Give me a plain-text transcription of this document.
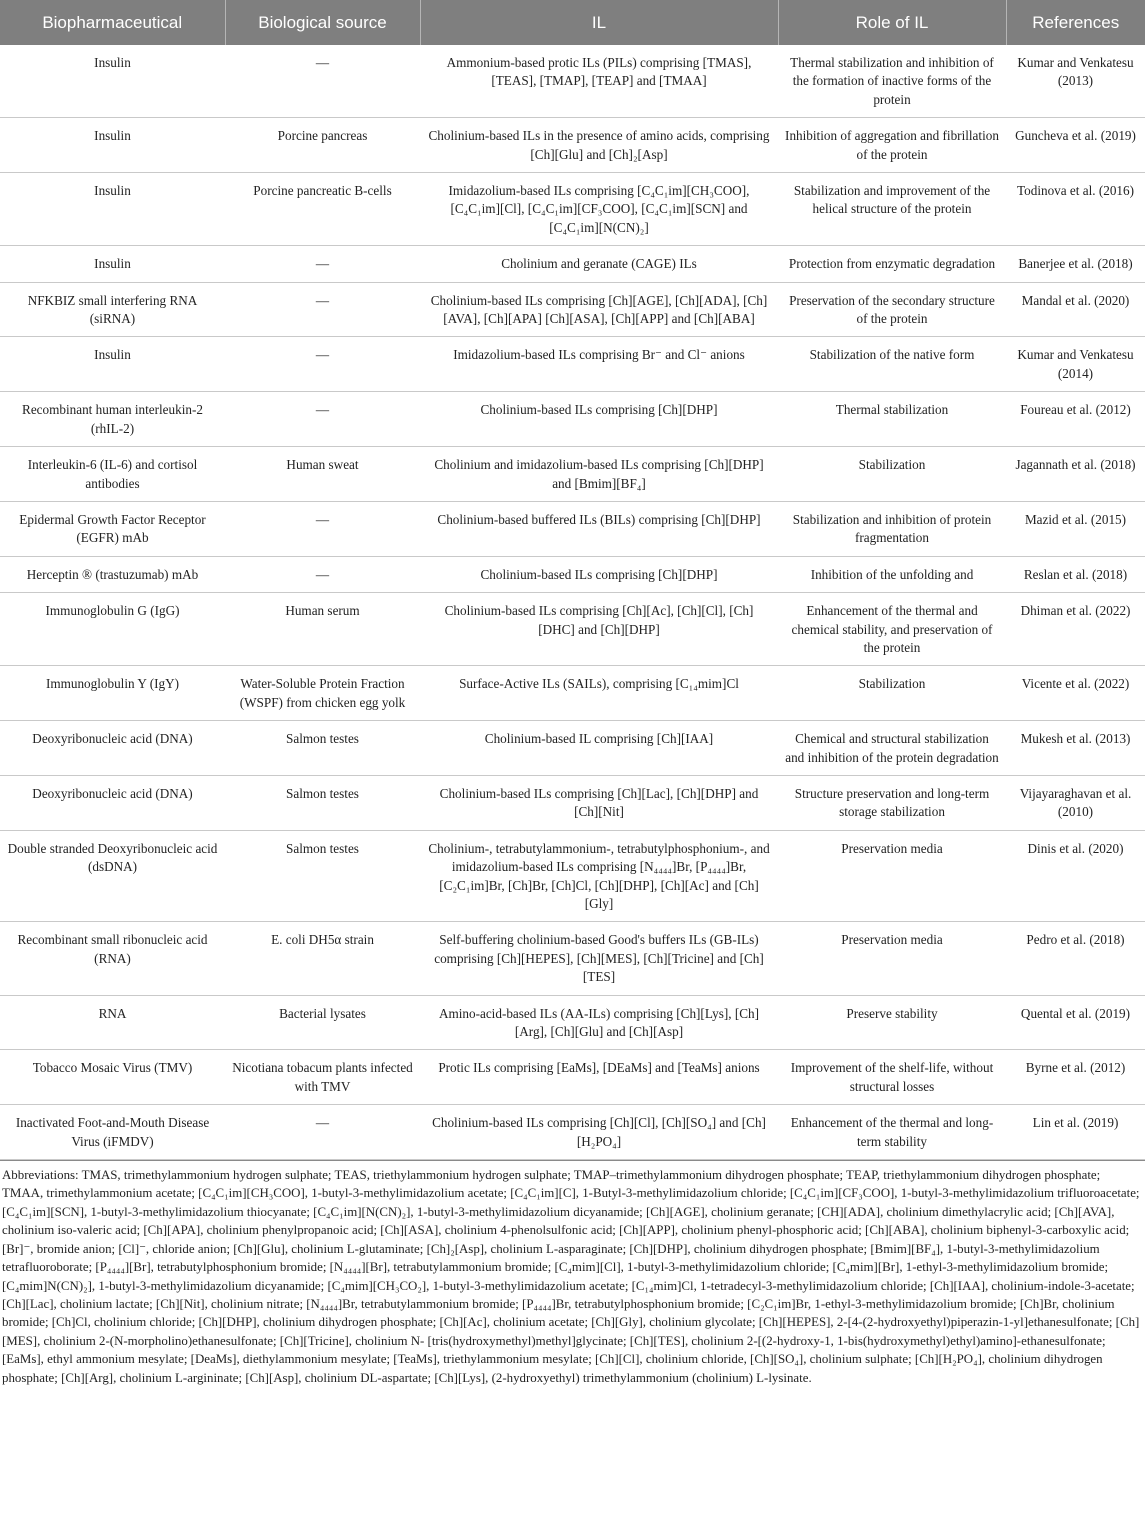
Biopharmaceutical	Biological source	IL	Role of IL	References
Insulin	—	Ammonium-based protic ILs (PILs) comprising [TMAS], [TEAS], [TMAP], [TEAP] and [TMAA]	Thermal stabilization and inhibition of the formation of inactive forms of the protein	Kumar and Venkatesu (2013)
Insulin	Porcine pancreas	Cholinium-based ILs in the presence of amino acids, comprising [Ch][Glu] and [Ch]₂[Asp]	Inhibition of aggregation and fibrillation of the protein	Guncheva et al. (2019)
Insulin	Porcine pancreatic B-cells	Imidazolium-based ILs comprising [C₄C₁im][CH₃COO], [C₄C₁im][Cl], [C₄C₁im][CF₃COO], [C₄C₁im][SCN] and [C₄C₁im][N(CN)₂]	Stabilization and improvement of the helical structure of the protein	Todinova et al. (2016)
Insulin	—	Cholinium and geranate (CAGE) ILs	Protection from enzymatic degradation	Banerjee et al. (2018)
NFKBIZ small interfering RNA (siRNA)	—	Cholinium-based ILs comprising [Ch][AGE], [Ch][ADA], [Ch][AVA], [Ch][APA] [Ch][ASA], [Ch][APP] and [Ch][ABA]	Preservation of the secondary structure of the protein	Mandal et al. (2020)
Insulin	—	Imidazolium-based ILs comprising Br⁻ and Cl⁻ anions	Stabilization of the native form	Kumar and Venkatesu (2014)
Recombinant human interleukin-2 (rhIL-2)	—	Cholinium-based ILs comprising [Ch][DHP]	Thermal stabilization	Foureau et al. (2012)
Interleukin-6 (IL-6) and cortisol antibodies	Human sweat	Cholinium and imidazolium-based ILs comprising [Ch][DHP] and [Bmim][BF₄]	Stabilization	Jagannath et al. (2018)
Epidermal Growth Factor Receptor (EGFR) mAb	—	Cholinium-based buffered ILs (BILs) comprising [Ch][DHP]	Stabilization and inhibition of protein fragmentation	Mazid et al. (2015)
Herceptin ® (trastuzumab) mAb	—	Cholinium-based ILs comprising [Ch][DHP]	Inhibition of the unfolding and	Reslan et al. (2018)
Immunoglobulin G (IgG)	Human serum	Cholinium-based ILs comprising [Ch][Ac], [Ch][Cl], [Ch][DHC] and [Ch][DHP]	Enhancement of the thermal and chemical stability, and preservation of the protein	Dhiman et al. (2022)
Immunoglobulin Y (IgY)	Water-Soluble Protein Fraction (WSPF) from chicken egg yolk	Surface-Active ILs (SAILs), comprising [C₁₄mim]Cl	Stabilization	Vicente et al. (2022)
Deoxyribonucleic acid (DNA)	Salmon testes	Cholinium-based IL comprising [Ch][IAA]	Chemical and structural stabilization and inhibition of the protein degradation	Mukesh et al. (2013)
Deoxyribonucleic acid (DNA)	Salmon testes	Cholinium-based ILs comprising [Ch][Lac], [Ch][DHP] and [Ch][Nit]	Structure preservation and long-term storage stabilization	Vijayaraghavan et al. (2010)
Double stranded Deoxyribonucleic acid (dsDNA)	Salmon testes	Cholinium-, tetrabutylammonium-, tetrabutylphosphonium-, and imidazolium-based ILs comprising [N₄₄₄₄]Br, [P₄₄₄₄]Br, [C₂C₁im]Br, [Ch]Br, [Ch]Cl, [Ch][DHP], [Ch][Ac] and [Ch][Gly]	Preservation media	Dinis et al. (2020)
Recombinant small ribonucleic acid (RNA)	E. coli DH5α strain	Self-buffering cholinium-based Good's buffers ILs (GB-ILs) comprising [Ch][HEPES], [Ch][MES], [Ch][Tricine] and [Ch][TES]	Preservation media	Pedro et al. (2018)
RNA	Bacterial lysates	Amino-acid-based ILs (AA-ILs) comprising [Ch][Lys], [Ch][Arg], [Ch][Glu] and [Ch][Asp]	Preserve stability	Quental et al. (2019)
Tobacco Mosaic Virus (TMV)	Nicotiana tobacum plants infected with TMV	Protic ILs comprising [EaMs], [DEaMs] and [TeaMs] anions	Improvement of the shelf-life, without structural losses	Byrne et al. (2012)
Inactivated Foot-and-Mouth Disease Virus (iFMDV)	—	Cholinium-based ILs comprising [Ch][Cl], [Ch][SO₄] and [Ch][H₂PO₄]	Enhancement of the thermal and long-term stability	Lin et al. (2019)
Abbreviations: TMAS, trimethylammonium hydrogen sulphate; TEAS, triethylammonium hydrogen sulphate; TMAP–trimethylammonium dihydrogen phosphate; TEAP, triethylammonium dihydrogen phosphate; TMAA, trimethylammonium acetate; [C₄C₁im][CH₃COO], 1-butyl-3-methylimidazolium acetate; [C₄C₁im][C], 1-Butyl-3-methylimidazolium chloride; [C₄C₁im][CF₃COO], 1-butyl-3-methylimidazolium trifluoroacetate; [C₄C₁im][SCN], 1-butyl-3-methylimidazolium thiocyanate; [C₄C₁im][N(CN)₂], 1-butyl-3-methylimidazolium dicyanamide; [Ch][AGE], cholinium geranate; [CH][ADA], cholinium dimethylacrylic acid; [Ch][AVA], cholinium iso-valeric acid; [Ch][APA], cholinium phenylpropanoic acid; [Ch][ASA], cholinium 4-phenolsulfonic acid; [Ch][APP], cholinium phenyl-phosphoric acid; [Ch][ABA], cholinium biphenyl-3-carboxylic acid; [Br]⁻, bromide anion; [Cl]⁻, chloride anion; [Ch][Glu], cholinium L-glutaminate; [Ch]₂[Asp], cholinium L-asparaginate; [Ch][DHP], cholinium dihydrogen phosphate; [Bmim][BF₄], 1-butyl-3-methylimidazolium tetrafluoroborate; [P₄₄₄₄][Br], tetrabutylphosphonium bromide; [N₄₄₄₄][Br], tetrabutylammonium bromide; [C₄mim][Cl], 1-butyl-3-methylimidazolium chloride; [C₄mim][Br], 1-ethyl-3-methylimidazolium bromide; [C₄mim]N(CN)₂], 1-butyl-3-methylimidazolium dicyanamide; [C₄mim][CH₃CO₂], 1-butyl-3-methylimidazolium acetate; [C₁₄mim]Cl, 1-tetradecyl-3-methylimidazolium chloride; [Ch][IAA], cholinium-indole-3-acetate; [Ch][Lac], cholinium lactate; [Ch][Nit], cholinium nitrate; [N₄₄₄₄]Br, tetrabutylammonium bromide; [P₄₄₄₄]Br, tetrabutylphosphonium bromide; [C₂C₁im]Br, 1-ethyl-3-methylimidazolium bromide; [Ch]Br, cholinium bromide; [Ch]Cl, cholinium chloride; [Ch][DHP], cholinium dihydrogen phosphate; [Ch][Ac], cholinium acetate; [Ch][Gly], cholinium glycolate; [Ch][HEPES], 2-[4-(2-hydroxyethyl)piperazin-1-yl]ethanesulfonate; [Ch][MES], cholinium 2-(N-morpholino)ethanesulfonate; [Ch][Tricine], cholinium N- [tris(hydroxymethyl)methyl]glycinate; [Ch][TES], cholinium 2-[(2-hydroxy-1, 1-bis(hydroxymethyl)ethyl)amino]-ethanesulfonate; [EaMs], ethyl ammonium mesylate; [DeaMs], diethylammonium mesylate; [TeaMs], triethylammonium mesylate; [Ch][Cl], cholinium chloride, [Ch][SO₄], cholinium sulphate; [Ch][H₂PO₄], cholinium dihydrogen phosphate; [Ch][Arg], cholinium L-argininate; [Ch][Asp], cholinium DL-aspartate; [Ch][Lys], (2-hydroxyethyl) trimethylammonium (cholinium) L-lysinate.
